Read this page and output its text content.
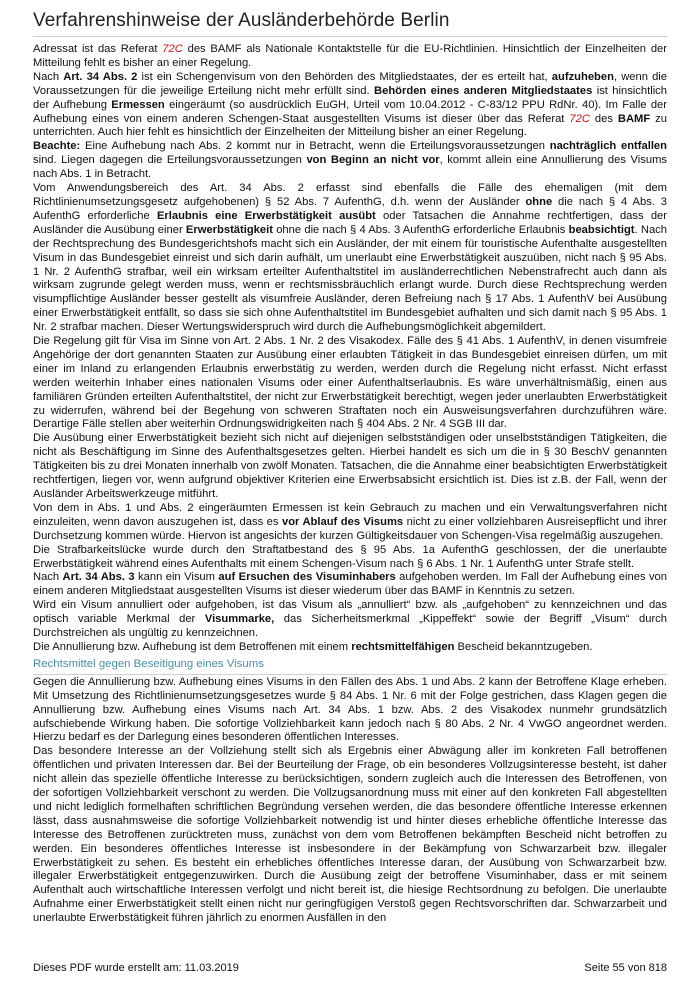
Verfahrenshinweise der Ausländerbehörde Berlin

Adressat ist das Referat 72C des BAMF als Nationale Kontaktstelle für die EU-Richtlinien. Hinsichtlich der Einzelheiten der Mitteilung fehlt es bisher an einer Regelung.

Nach Art. 34 Abs. 2 ist ein Schengenvisum von den Behörden des Mitgliedstaates, der es erteilt hat, aufzuheben, wenn die Voraussetzungen für die jeweilige Erteilung nicht mehr erfüllt sind. Behörden eines anderen Mitgliedstaates ist hinsichtlich der Aufhebung Ermessen eingeräumt (so ausdrücklich EuGH, Urteil vom 10.04.2012 - C-83/12 PPU RdNr. 40). Im Falle der Aufhebung eines von einem anderen Schengen-Staat ausgestellten Visums ist dieser über das Referat 72C des BAMF zu unterrichten. Auch hier fehlt es hinsichtlich der Einzelheiten der Mitteilung bisher an einer Regelung.

Beachte: Eine Aufhebung nach Abs. 2 kommt nur in Betracht, wenn die Erteilungsvoraussetzungen nachträglich entfallen sind. Liegen dagegen die Erteilungsvoraussetzungen von Beginn an nicht vor, kommt allein eine Annullierung des Visums nach Abs. 1 in Betracht.

Vom Anwendungsbereich des Art. 34 Abs. 2 erfasst sind ebenfalls die Fälle des ehemaligen (mit dem Richtlinienumsetzungsgesetz aufgehobenen) § 52 Abs. 7 AufenthG, d.h. wenn der Ausländer ohne die nach § 4 Abs. 3 AufenthG erforderliche Erlaubnis eine Erwerbstätigkeit ausübt oder Tatsachen die Annahme rechtfertigen, dass der Ausländer die Ausübung einer Erwerbstätigkeit ohne die nach § 4 Abs. 3 AufenthG erforderliche Erlaubnis beabsichtigt. Nach der Rechtsprechung des Bundesgerichtshofs macht sich ein Ausländer, der mit einem für touristische Aufenthalte ausgestellten Visum in das Bundesgebiet einreist und sich darin aufhält, um unerlaubt eine Erwerbstätigkeit auszuüben, nicht nach § 95 Abs. 1 Nr. 2 AufenthG strafbar, weil ein wirksam erteilter Aufenthaltstitel im ausländerrechtlichen Nebenstrafrecht auch dann als wirksam zugrunde gelegt werden muss, wenn er rechtsmissbräuchlich erlangt wurde. Durch diese Rechtsprechung werden visumpflichtige Ausländer besser gestellt als visumfreie Ausländer, deren Befreiung nach § 17 Abs. 1 AufenthV bei Ausübung einer Erwerbstätigkeit entfällt, so dass sie sich ohne Aufenthaltstitel im Bundesgebiet aufhalten und sich damit nach § 95 Abs. 1 Nr. 2 strafbar machen. Dieser Wertungswiderspruch wird durch die Aufhebungsmöglichkeit abgemildert.

Die Regelung gilt für Visa im Sinne von Art. 2 Abs. 1 Nr. 2 des Visakodex. Fälle des § 41 Abs. 1 AufenthV, in denen visumfreie Angehörige der dort genannten Staaten zur Ausübung einer erlaubten Tätigkeit in das Bundesgebiet einreisen dürfen, um mit einer im Inland zu erlangenden Erlaubnis erwerbstätig zu werden, werden durch die Regelung nicht erfasst. Nicht erfasst werden weiterhin Inhaber eines nationalen Visums oder einer Aufenthaltserlaubnis. Es wäre unverhältnismäßig, einen aus familiären Gründen erteilten Aufenthaltstitel, der nicht zur Erwerbstätigkeit berechtigt, wegen jeder unerlaubten Erwerbstätigkeit zu widerrufen, während bei der Begehung von schweren Straftaten noch ein Ausweisungsverfahren durchzuführen wäre. Derartige Fälle stellen aber weiterhin Ordnungswidrigkeiten nach § 404 Abs. 2 Nr. 4 SGB III dar.

Die Ausübung einer Erwerbstätigkeit bezieht sich nicht auf diejenigen selbstständigen oder unselbstständigen Tätigkeiten, die nicht als Beschäftigung im Sinne des Aufenthaltsgesetzes gelten. Hierbei handelt es sich um die in § 30 BeschV genannten Tätigkeiten bis zu drei Monaten innerhalb von zwölf Monaten. Tatsachen, die die Annahme einer beabsichtigten Erwerbstätigkeit rechtfertigen, liegen vor, wenn aufgrund objektiver Kriterien eine Erwerbsabsicht ersichtlich ist. Dies ist z.B. der Fall, wenn der Ausländer Arbeitswerkzeuge mitführt.

Von dem in Abs. 1 und Abs. 2 eingeräumten Ermessen ist kein Gebrauch zu machen und ein Verwaltungsverfahren nicht einzuleiten, wenn davon auszugehen ist, dass es vor Ablauf des Visums nicht zu einer vollziehbaren Ausreisepflicht und ihrer Durchsetzung kommen würde. Hiervon ist angesichts der kurzen Gültigkeitsdauer von Schengen-Visa regelmäßig auszugehen.

Die Strafbarkeitslücke wurde durch den Straftatbestand des § 95 Abs. 1a AufenthG geschlossen, der die unerlaubte Erwerbstätigkeit während eines Aufenthalts mit einem Schengen-Visum nach § 6 Abs. 1 Nr. 1 AufenthG unter Strafe stellt.

Nach Art. 34 Abs. 3 kann ein Visum auf Ersuchen des Visuminhabers aufgehoben werden. Im Fall der Aufhebung eines von einem anderen Mitgliedstaat ausgestellten Visums ist dieser wiederum über das BAMF in Kenntnis zu setzen.

Wird ein Visum annulliert oder aufgehoben, ist das Visum als „annulliert“ bzw. als „aufgehoben“ zu kennzeichnen und das optisch variable Merkmal der Visummarke, das Sicherheitsmerkmal „Kippeffekt“ sowie der Begriff „Visum“ durch Durchstreichen als ungültig zu kennzeichnen.

Die Annullierung bzw. Aufhebung ist dem Betroffenen mit einem rechtsmittelfähigen Bescheid bekanntzugeben.

Rechtsmittel gegen Beseitigung eines Visums

Gegen die Annullierung bzw. Aufhebung eines Visums in den Fällen des Abs. 1 und Abs. 2 kann der Betroffene Klage erheben. Mit Umsetzung des Richtlinienumsetzungsgesetzes wurde § 84 Abs. 1 Nr. 6 mit der Folge gestrichen, dass Klagen gegen die Annullierung bzw. Aufhebung eines Visums nach Art. 34 Abs. 1 bzw. Abs. 2 des Visakodex nunmehr grundsätzlich aufschiebende Wirkung haben. Die sofortige Vollziehbarkeit kann jedoch nach § 80 Abs. 2 Nr. 4 VwGO angeordnet werden. Hierzu bedarf es der Darlegung eines besonderen öffentlichen Interesses.

Das besondere Interesse an der Vollziehung stellt sich als Ergebnis einer Abwägung aller im konkreten Fall betroffenen öffentlichen und privaten Interessen dar. Bei der Beurteilung der Frage, ob ein besonderes Vollzugsinteresse besteht, ist daher nicht allein das spezielle öffentliche Interesse zu berücksichtigen, sondern zugleich auch die Interessen des Betroffenen, von der sofortigen Vollziehbarkeit verschont zu werden. Die Vollzugsanordnung muss mit einer auf den konkreten Fall abgestellten und nicht lediglich formelhaften schriftlichen Begründung versehen werden, die das besondere öffentliche Interesse erkennen lässt, dass ausnahmsweise die sofortige Vollziehbarkeit notwendig ist und hinter dieses erhebliche öffentliche Interesse das Interesse des Betroffenen zurücktreten muss, zunächst von dem vom Betroffenen bekämpften Bescheid nicht betroffen zu werden. Ein besonderes öffentliches Interesse ist insbesondere in der Bekämpfung von Schwarzarbeit bzw. illegaler Erwerbstätigkeit zu sehen. Es besteht ein erhebliches öffentliches Interesse daran, der Ausübung von Schwarzarbeit bzw. illegaler Erwerbstätigkeit entgegenzuwirken. Durch die Ausübung zeigt der betroffene Visuminhaber, dass er mit seinem Aufenthalt auch wirtschaftliche Interessen verfolgt und nicht bereit ist, die hiesige Rechtsordnung zu befolgen. Die unerlaubte Aufnahme einer Erwerbstätigkeit stellt einen nicht nur geringfügigen Verstoß gegen Rechtsvorschriften dar. Schwarzarbeit und unerlaubte Erwerbstätigkeit führen jährlich zu enormen Ausfällen in den

Dieses PDF wurde erstellt am: 11.03.2019	Seite 55 von 818
